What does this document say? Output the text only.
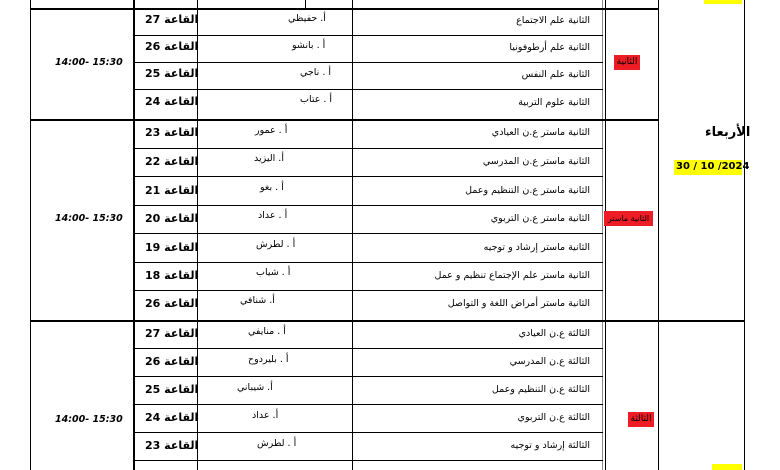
14:00- 15:30
القاعة 27	أ. حفيظي	الثانية علم الاجتماع
القاعة 26	أ . بانشو	الثانية علم أرطوفونيا
القاعة 25	أ . ناجي	الثانية علم النفس
القاعة 24	أ . عتاب	الثانية علوم التربية
الثانية
14:00- 15:30
القاعة 23	أ . عمور	الثانية ماستر ع.ن العيادي
القاعة 22	أ. اليزيد	الثانية ماستر ع.ن المدرسي
القاعة 21	أ . بغو	الثانية ماستر ع.ن التنظيم وعمل
القاعة 20	أ . عداد	الثانية ماستر ع.ن التربوي
القاعة 19	أ . لطرش	الثانية ماستر إرشاد و توجيه
القاعة 18	أ . شياب	الثانية ماستر علم الإجتماع تنظيم و عمل
القاعة 26	أ. شنافي	الثانية ماستر أمراض اللغة و التواصل
الثانية ماستر
الأربعاء
30 / 10 /2024
14:00- 15:30
القاعة 27	أ . منايفي	الثالثة ع.ن العيادي
القاعة 26	أ . بليردوح	الثالثة ع.ن المدرسي
القاعة 25	أ. شيباني	الثالثة ع.ن التنظيم وعمل
القاعة 24	أ. عداد	الثالثة ع.ن التربوي
القاعة 23	أ . لطرش	الثالثة إرشاد و توجيه
الثالثة
